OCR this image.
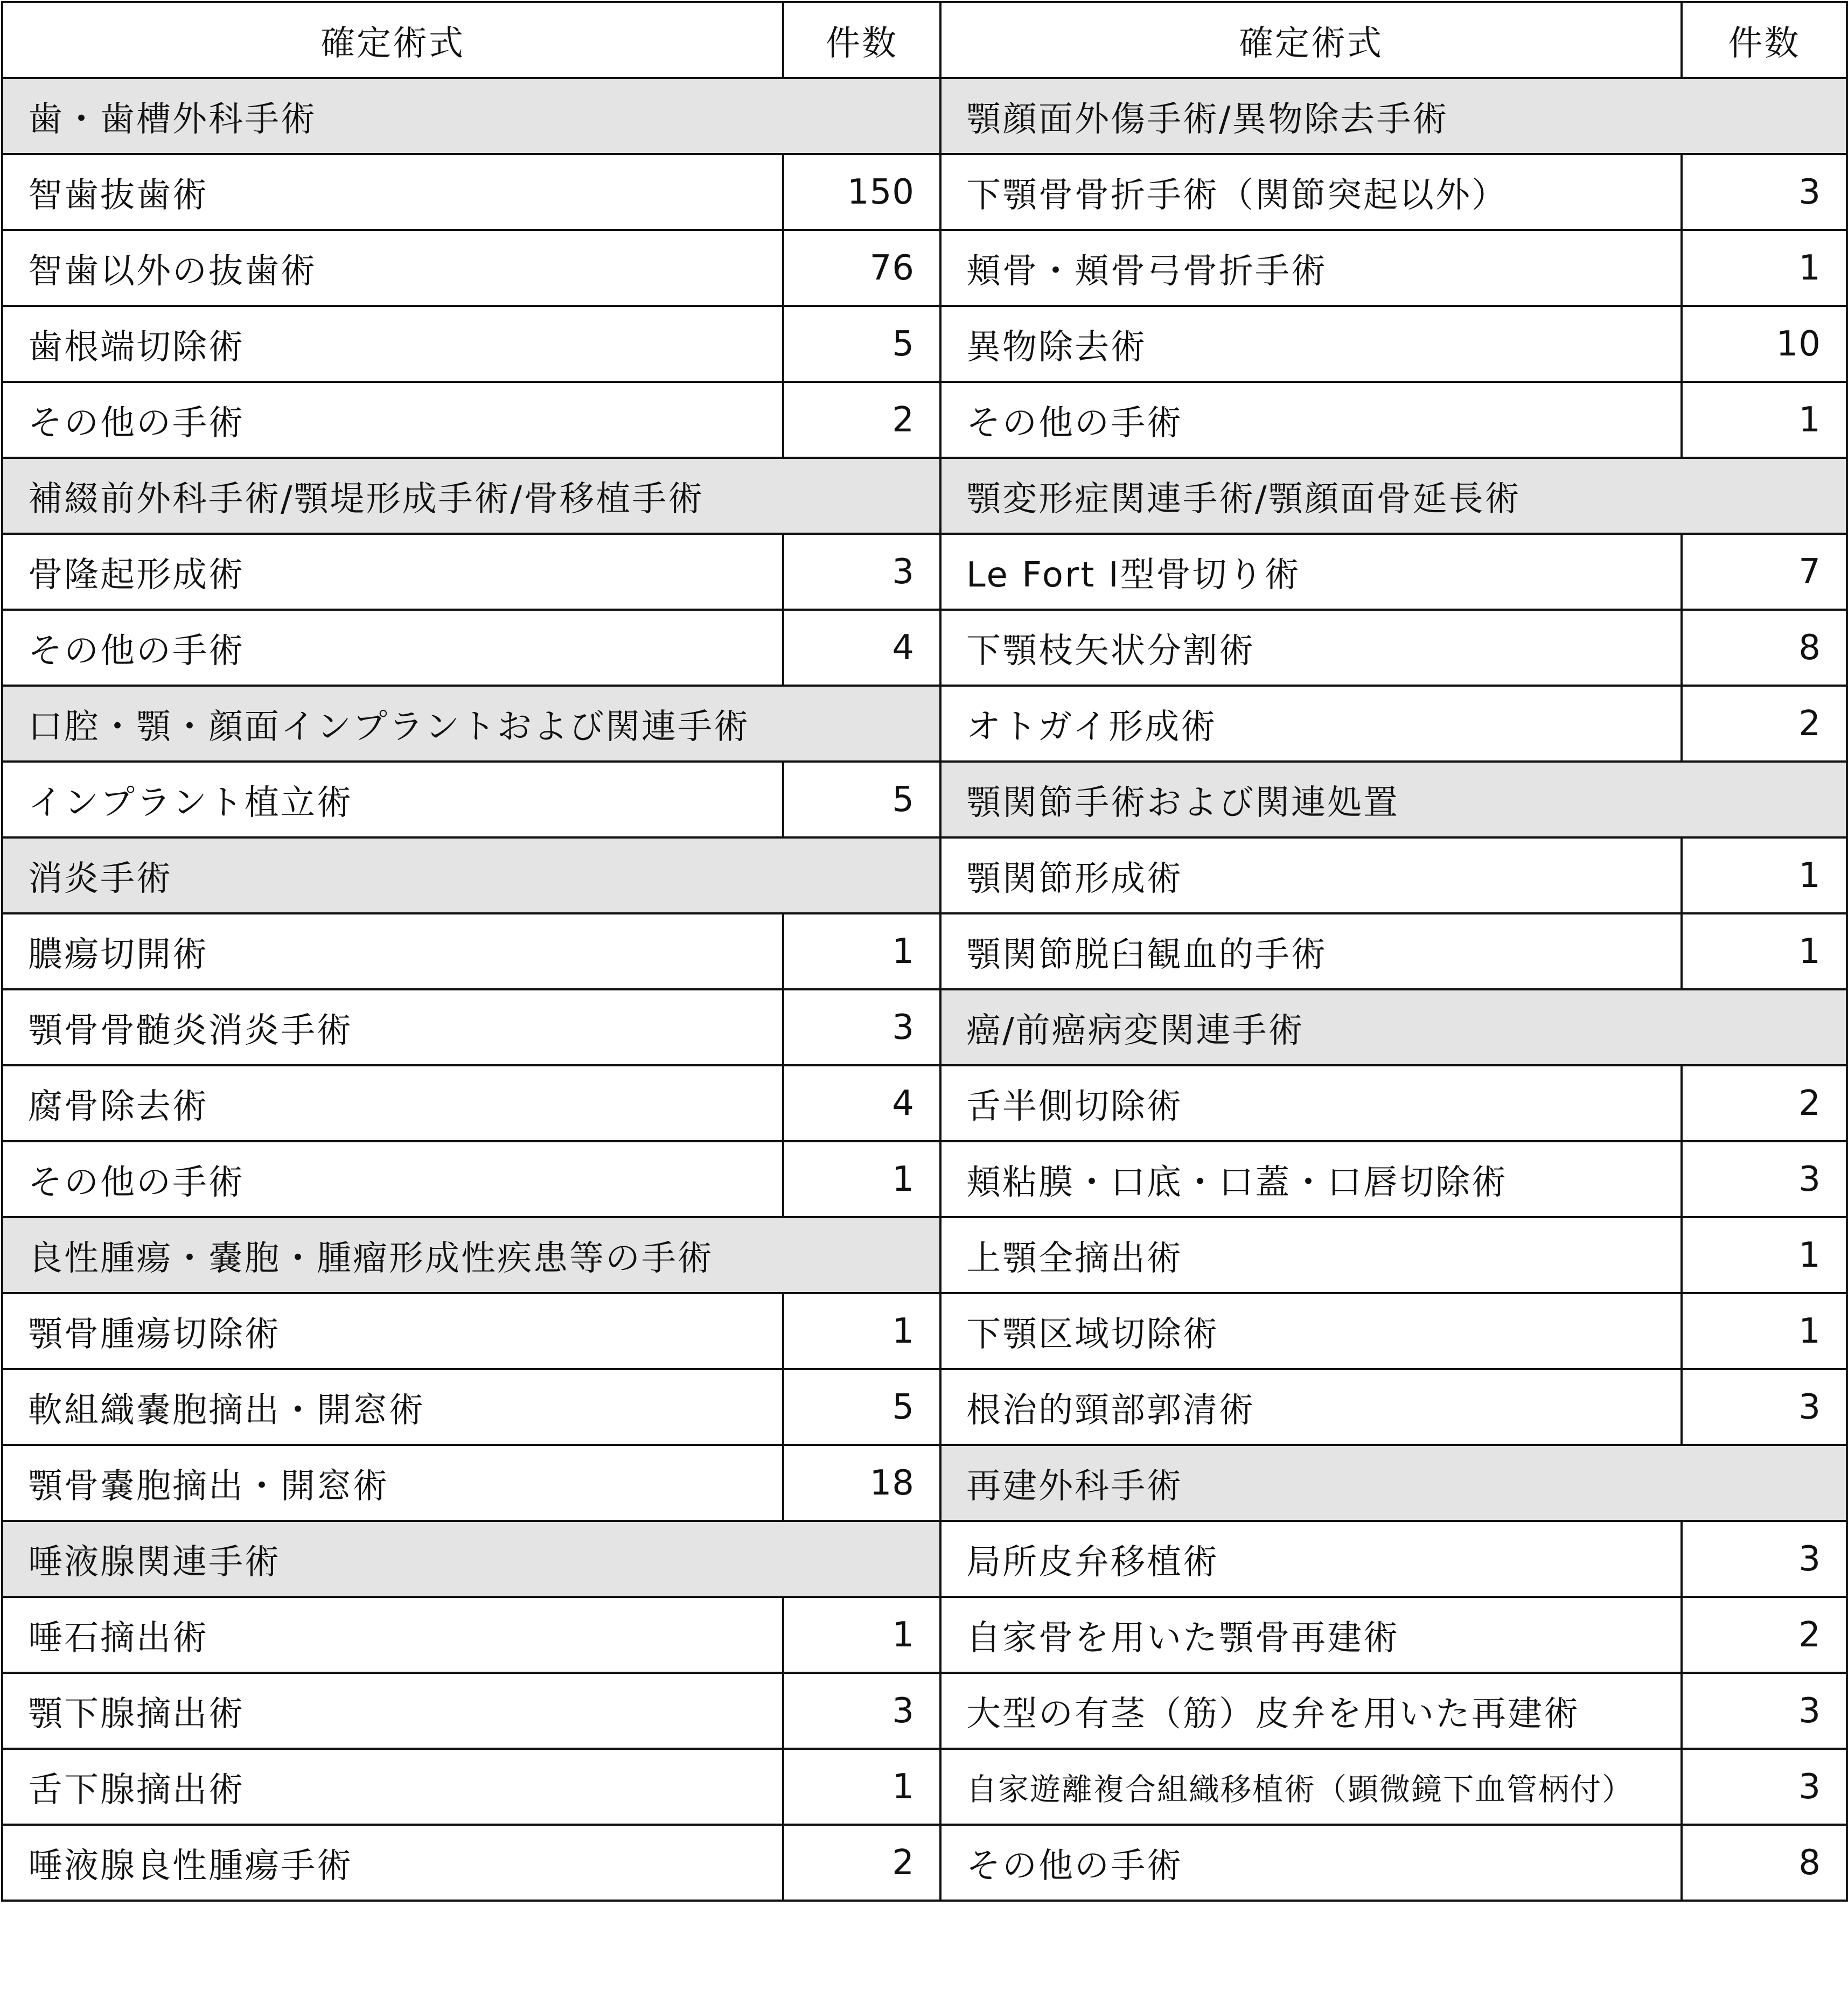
確定術式	件数
歯・歯槽外科手術	
智歯抜歯術	150
智歯以外の抜歯術	76
歯根端切除術	5
その他の手術	2
補綴前外科手術/顎堤形成手術/骨移植手術	
骨隆起形成術	3
その他の手術	4
口腔・顎・顔面インプラントおよび関連手術	
インプラント植立術	5
消炎手術	
膿瘍切開術	1
顎骨骨髄炎消炎手術	3
腐骨除去術	4
その他の手術	1
良性腫瘍・嚢胞・腫瘤形成性疾患等の手術	
顎骨腫瘍切除術	1
軟組織嚢胞摘出・開窓術	5
顎骨嚢胞摘出・開窓術	18
唾液腺関連手術	
唾石摘出術	1
顎下腺摘出術	3
舌下腺摘出術	1
唾液腺良性腫瘍手術	2
確定術式	件数
顎顔面外傷手術/異物除去手術	
下顎骨骨折手術（関節突起以外）	3
頬骨・頬骨弓骨折手術	1
異物除去術	10
その他の手術	1
顎変形症関連手術/顎顔面骨延長術	
Le Fort Ⅰ型骨切り術	7
下顎枝矢状分割術	8
オトガイ形成術	2
顎関節手術および関連処置	
顎関節形成術	1
顎関節脱臼観血的手術	1
癌/前癌病変関連手術	
舌半側切除術	2
頬粘膜・口底・口蓋・口唇切除術	3
上顎全摘出術	1
下顎区域切除術	1
根治的頸部郭清術	3
再建外科手術	
局所皮弁移植術	3
自家骨を用いた顎骨再建術	2
大型の有茎（筋）皮弁を用いた再建術	3
自家遊離複合組織移植術（顕微鏡下血管柄付）	3
その他の手術	8
